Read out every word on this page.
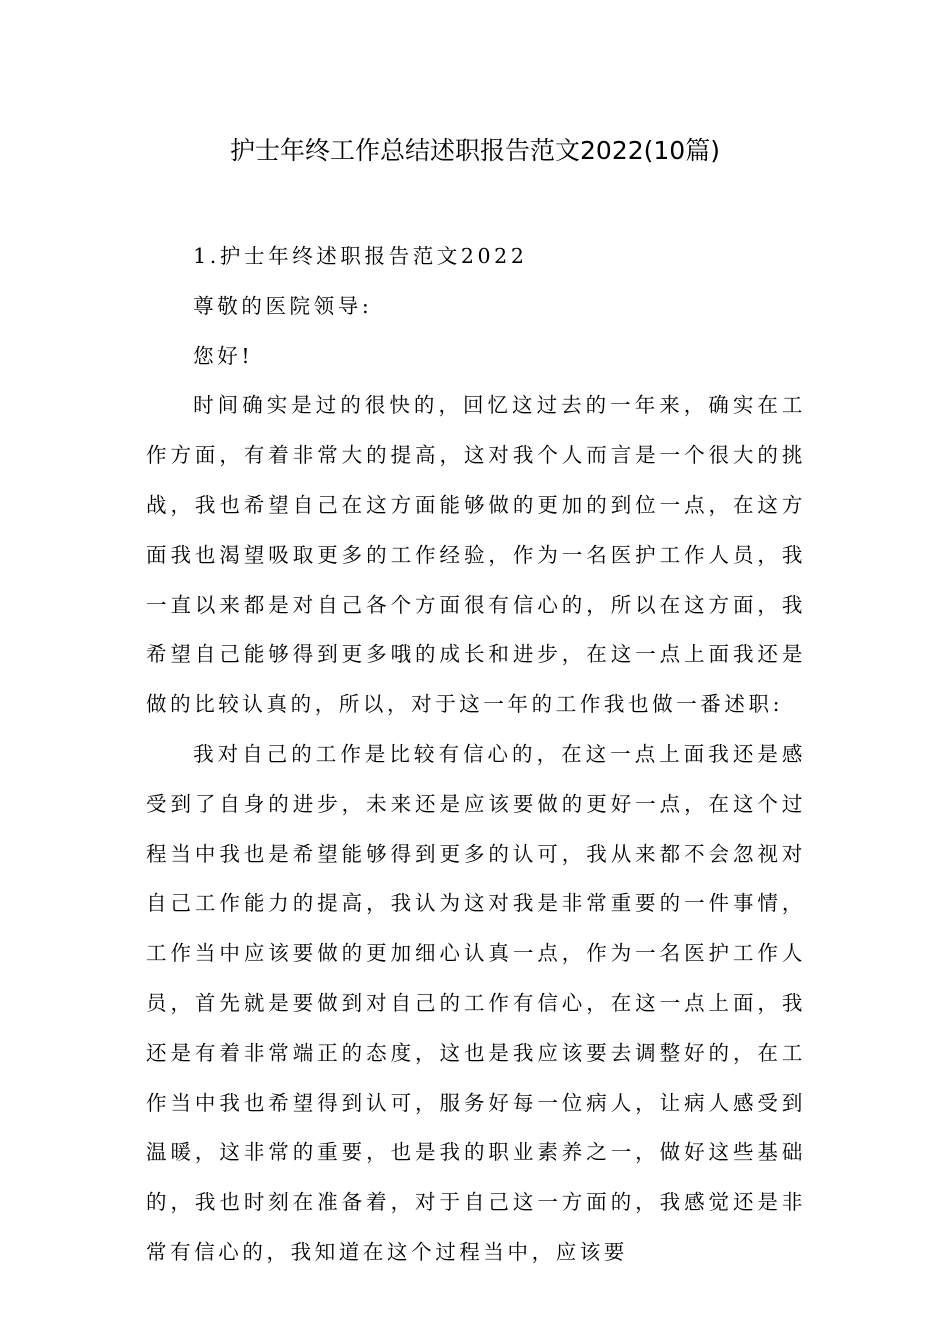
护士年终工作总结述职报告范文2022(10篇)

1.护士年终述职报告范文2022

尊敬的医院领导:

您好!

时间确实是过的很快的，回忆这过去的一年来，确实在工作方面，有着非常大的提高，这对我个人而言是一个很大的挑战，我也希望自己在这方面能够做的更加的到位一点，在这方面我也渴望吸取更多的工作经验，作为一名医护工作人员，我一直以来都是对自己各个方面很有信心的，所以在这方面，我希望自己能够得到更多哦的成长和进步，在这一点上面我还是做的比较认真的，所以，对于这一年的工作我也做一番述职:

我对自己的工作是比较有信心的，在这一点上面我还是感受到了自身的进步，未来还是应该要做的更好一点，在这个过程当中我也是希望能够得到更多的认可，我从来都不会忽视对自己工作能力的提高，我认为这对我是非常重要的一件事情，工作当中应该要做的更加细心认真一点，作为一名医护工作人员，首先就是要做到对自己的工作有信心，在这一点上面，我还是有着非常端正的态度，这也是我应该要去调整好的，在工作当中我也希望得到认可，服务好每一位病人，让病人感受到温暖，这非常的重要，也是我的职业素养之一，做好这些基础的，我也时刻在准备着，对于自己这一方面的，我感觉还是非常有信心的，我知道在这个过程当中，应该要
